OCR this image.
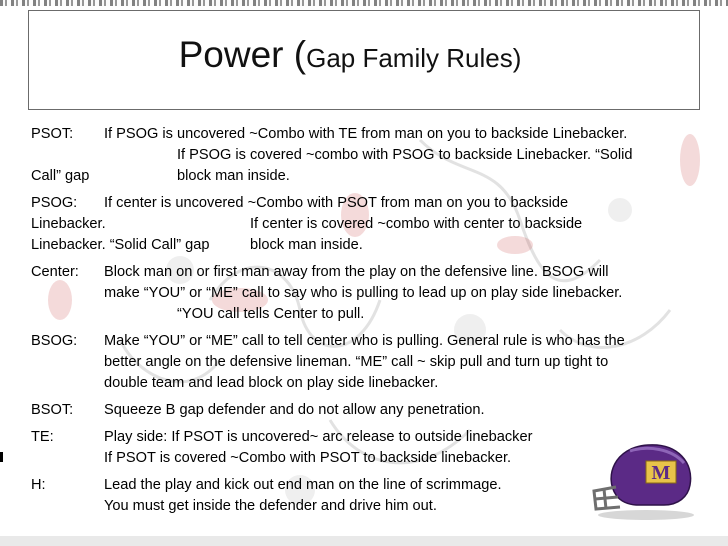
Power (Gap Family Rules)
PSOT: If PSOG is uncovered ~Combo with TE from man on you to backside Linebacker.
If PSOG is covered ~combo with PSOG to backside Linebacker. “Solid
Call” gap	block man inside.
PSOG: If center is uncovered ~Combo with PSOT from man on you to backside
Linebacker.	If center is covered ~combo with center to backside
Linebacker. “Solid Call” gap	block man inside.
Center: Block man on or first man away from the play on the defensive line. BSOG will
make “YOU” or “ME” call to say who is pulling to lead up on play side linebacker.
“YOU call tells Center to pull.
BSOG: Make “YOU” or “ME” call to tell center who is pulling. General rule is who has the
better angle on the defensive lineman. “ME” call ~ skip pull and turn up tight to
double team and lead block on play side linebacker.
BSOT: Squeeze B gap defender and do not allow any penetration.
TE:	Play side: If PSOT is uncovered~ arc release to outside linebacker
If PSOT is covered ~Combo with PSOT to backside linebacker.
H:	Lead the play and kick out end man on the line of scrimmage.
You must get inside the defender and drive him out.
M
